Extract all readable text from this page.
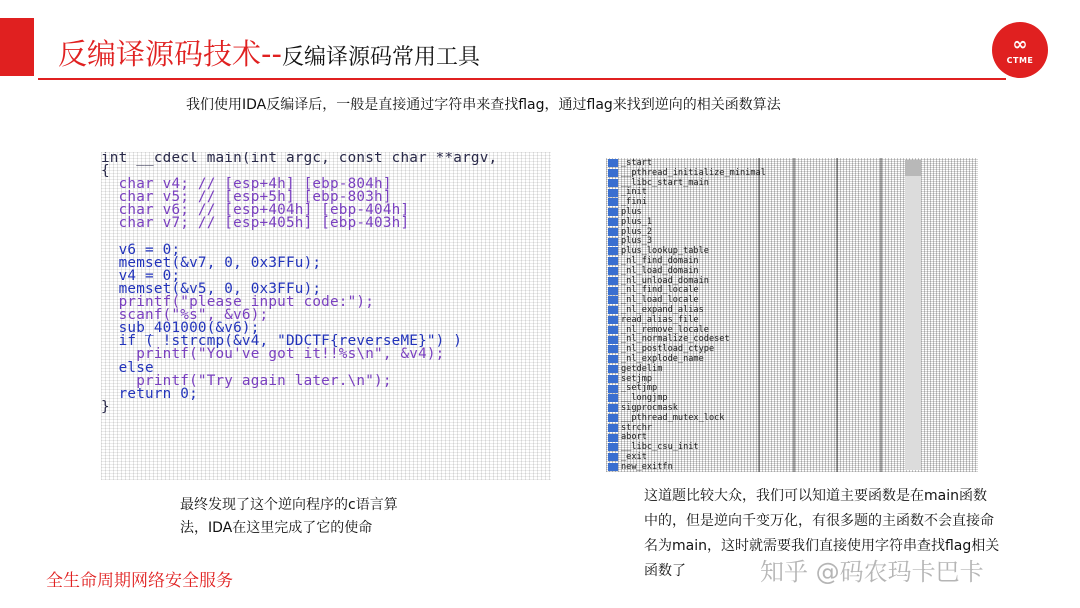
反编译源码技术--反编译源码常用工具
∞
CTME
我们使用IDA反编译后，一般是直接通过字符串来查找flag，通过flag来找到逆向的相关函数算法
int __cdecl main(int argc, const char **argv,
{
char v4; // [esp+4h] [ebp-804h]
char v5; // [esp+5h] [ebp-803h]
char v6; // [esp+404h] [ebp-404h]
char v7; // [esp+405h] [ebp-403h]
v6 = 0;
memset(&v7, 0, 0x3FFu);
v4 = 0;
memset(&v5, 0, 0x3FFu);
printf("please input code:");
scanf("%s", &v6);
sub_401000(&v6);
if ( !strcmp(&v4, "DDCTF{reverseME}") )
printf("You've got it!!%s\n", &v4);
else
printf("Try again later.\n");
return 0;
}
_start
__pthread_initialize_minimal
__libc_start_main
_init
_fini
plus
plus_1
plus_2
plus_3
plus_lookup_table
_nl_find_domain
_nl_load_domain
_nl_unload_domain
_nl_find_locale
_nl_load_locale
_nl_expand_alias
read_alias_file
_nl_remove_locale
_nl_normalize_codeset
_nl_postload_ctype
_nl_explode_name
getdelim
setjmp
_setjmp
__longjmp
sigprocmask
__pthread_mutex_lock
strchr
abort
__libc_csu_init
_exit
new_exitfn
最终发现了这个逆向程序的c语言算法，IDA在这里完成了它的使命
这道题比较大众，我们可以知道主要函数是在main函数中的，但是逆向千变万化，有很多题的主函数不会直接命名为main，这时就需要我们直接使用字符串查找flag相关函数了
全生命周期网络安全服务	知乎 @码农玛卡巴卡
